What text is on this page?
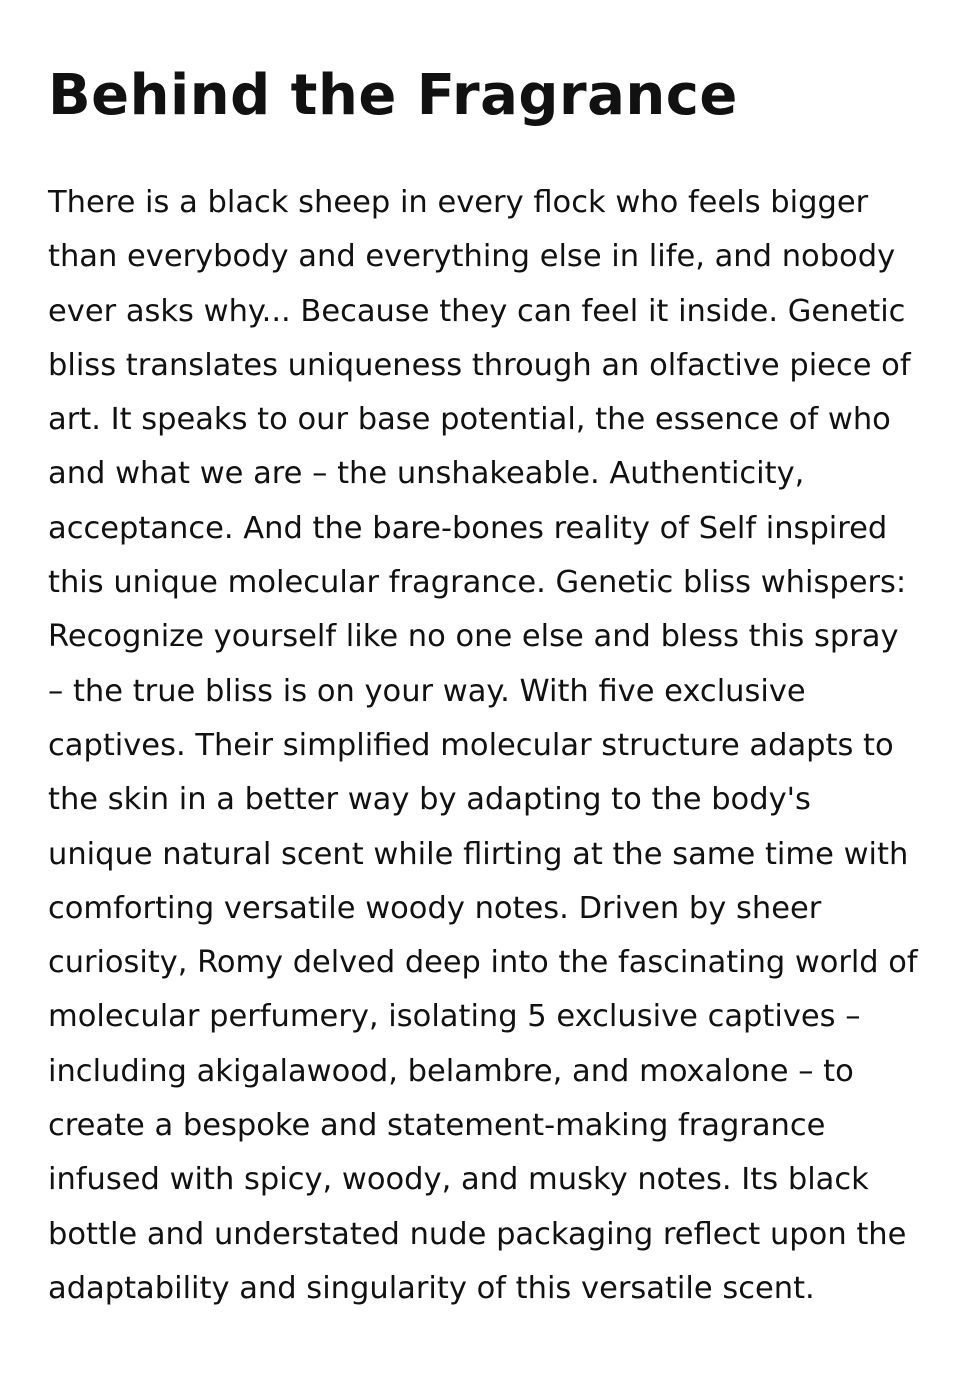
Behind the Fragrance

There is a black sheep in every flock who feels bigger
than everybody and everything else in life, and nobody
ever asks why... Because they can feel it inside. Genetic
bliss translates uniqueness through an olfactive piece of
art. It speaks to our base potential, the essence of who
and what we are – the unshakeable. Authenticity,
acceptance. And the bare-bones reality of Self inspired
this unique molecular fragrance. Genetic bliss whispers:
Recognize yourself like no one else and bless this spray
– the true bliss is on your way. With five exclusive
captives. Their simplified molecular structure adapts to
the skin in a better way by adapting to the body's
unique natural scent while flirting at the same time with
comforting versatile woody notes. Driven by sheer
curiosity, Romy delved deep into the fascinating world of
molecular perfumery, isolating 5 exclusive captives –
including akigalawood, belambre, and moxalone – to
create a bespoke and statement-making fragrance
infused with spicy, woody, and musky notes. Its black
bottle and understated nude packaging reflect upon the
adaptability and singularity of this versatile scent.
